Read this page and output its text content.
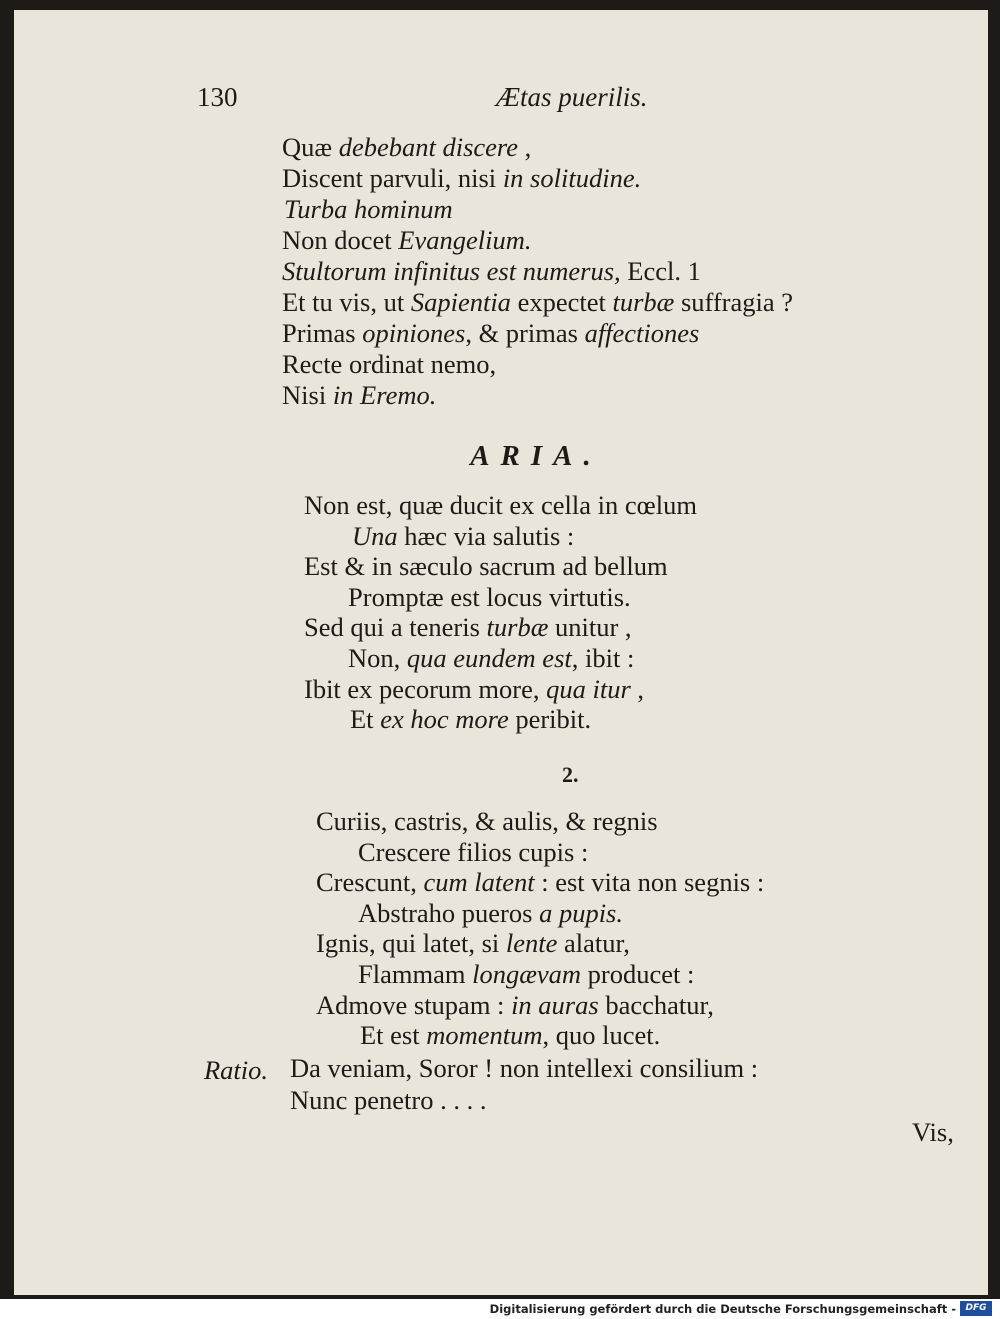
130	Ætas puerilis.
ARIA.
2.
Ratio.
Vis,
Quæ debebant discere ,
Discent parvuli, nisi in solitudine.
Turba hominum
Non docet Evangelium.
Stultorum infinitus est numerus, Eccl. 1
Et tu vis, ut Sapientia expectet turbæ suffragia ?
Primas opiniones, & primas affectiones
Recte ordinat nemo,
Nisi in Eremo.
Non est, quæ ducit ex cella in cœlum
Una hæc via salutis :
Est & in sæculo sacrum ad bellum
Promptæ est locus virtutis.
Sed qui a teneris turbæ unitur ,
Non, qua eundem est, ibit :
Ibit ex pecorum more, qua itur ,
Et ex hoc more peribit.
Curiis, castris, & aulis, & regnis
Crescere filios cupis :
Crescunt, cum latent : est vita non segnis :
Abstraho pueros a pupis.
Ignis, qui latet, si lente alatur,
Flammam longævam producet :
Admove stupam : in auras bacchatur,
Et est momentum, quo lucet.
Da veniam, Soror ! non intellexi consilium :
Nunc penetro . . . .
Digitalisierung gefördert durch die Deutsche Forschungsgemeinschaft -	DFG
